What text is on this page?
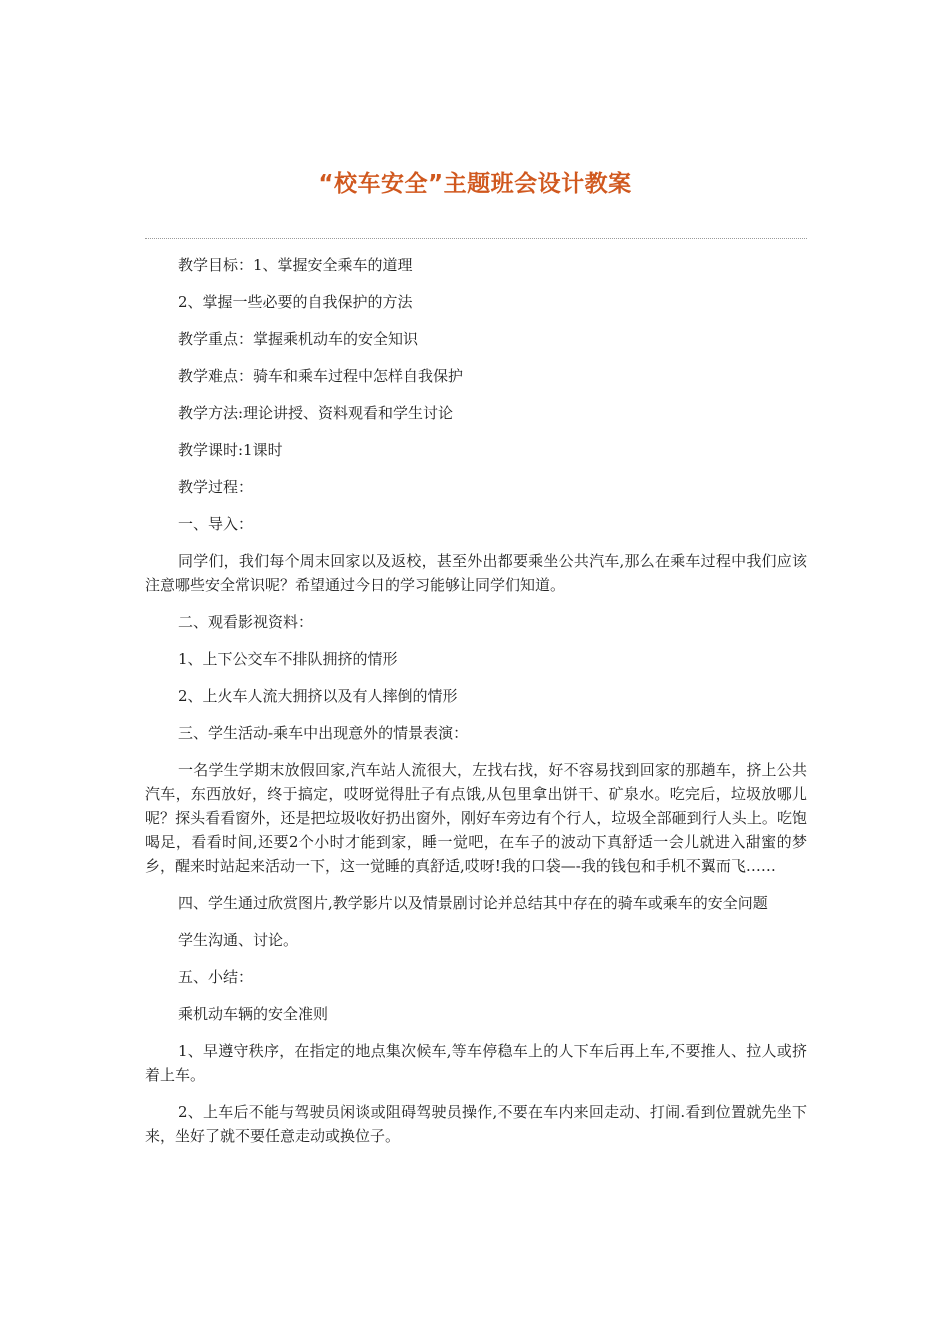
“校车安全”主题班会设计教案

教学目标：1、掌握安全乘车的道理

2、掌握一些必要的自我保护的方法

教学重点：掌握乘机动车的安全知识

教学难点：骑车和乘车过程中怎样自我保护

教学方法:理论讲授、资料观看和学生讨论

教学课时:1课时

教学过程：

一、导入：

同学们，我们每个周末回家以及返校，甚至外出都要乘坐公共汽车,那么在乘车过程中我们应该注意哪些安全常识呢？希望通过今日的学习能够让同学们知道。

二、观看影视资料：

1、上下公交车不排队拥挤的情形

2、上火车人流大拥挤以及有人摔倒的情形

三、学生活动-乘车中出现意外的情景表演：

一名学生学期末放假回家,汽车站人流很大，左找右找，好不容易找到回家的那趟车，挤上公共汽车，东西放好，终于搞定，哎呀觉得肚子有点饿,从包里拿出饼干、矿泉水。吃完后，垃圾放哪儿呢？探头看看窗外，还是把垃圾收好扔出窗外，刚好车旁边有个行人，垃圾全部砸到行人头上。吃饱喝足，看看时间,还要2个小时才能到家，睡一觉吧，在车子的波动下真舒适一会儿就进入甜蜜的梦乡，醒来时站起来活动一下，这一觉睡的真舒适,哎呀!我的口袋—-我的钱包和手机不翼而飞……

四、学生通过欣赏图片,教学影片以及情景剧讨论并总结其中存在的骑车或乘车的安全问题

学生沟通、讨论。

五、小结：

乘机动车辆的安全准则

1、早遵守秩序，在指定的地点集次候车,等车停稳车上的人下车后再上车,不要推人、拉人或挤着上车。

2、上车后不能与驾驶员闲谈或阻碍驾驶员操作,不要在车内来回走动、打闹.看到位置就先坐下来，坐好了就不要任意走动或换位子。
